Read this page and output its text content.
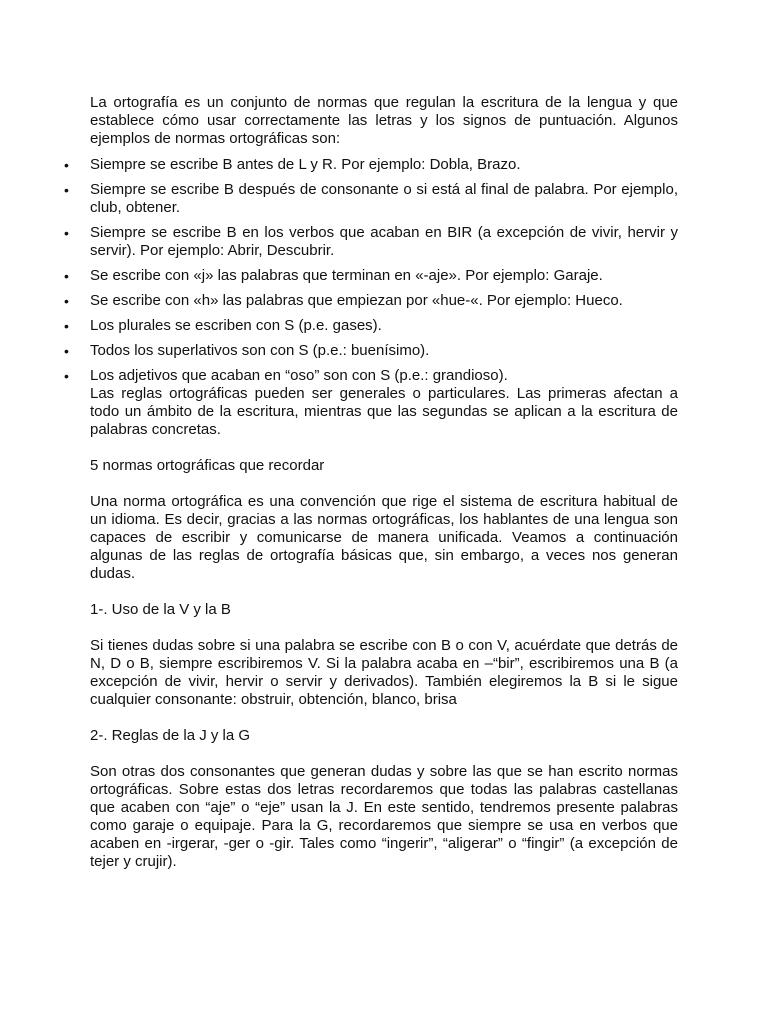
La ortografía es un conjunto de normas que regulan la escritura de la lengua y que establece cómo usar correctamente las letras y los signos de puntuación. Algunos ejemplos de normas ortográficas son:

• Siempre se escribe B antes de L y R. Por ejemplo: Dobla, Brazo.
• Siempre se escribe B después de consonante o si está al final de palabra. Por ejemplo, club, obtener.
• Siempre se escribe B en los verbos que acaban en BIR (a excepción de vivir, hervir y servir). Por ejemplo: Abrir, Descubrir.
• Se escribe con «j» las palabras que terminan en «-aje». Por ejemplo: Garaje.
• Se escribe con «h» las palabras que empiezan por «hue-«. Por ejemplo: Hueco.
• Los plurales se escriben con S (p.e. gases).
• Todos los superlativos son con S (p.e.: buenísimo).
• Los adjetivos que acaban en “oso” son con S (p.e.: grandioso).

Las reglas ortográficas pueden ser generales o particulares. Las primeras afectan a todo un ámbito de la escritura, mientras que las segundas se aplican a la escritura de palabras concretas.

5 normas ortográficas que recordar

Una norma ortográfica es una convención que rige el sistema de escritura habitual de un idioma. Es decir, gracias a las normas ortográficas, los hablantes de una lengua son capaces de escribir y comunicarse de manera unificada. Veamos a continuación algunas de las reglas de ortografía básicas que, sin embargo, a veces nos generan dudas.

1-. Uso de la V y la B

Si tienes dudas sobre si una palabra se escribe con B o con V, acuérdate que detrás de N, D o B, siempre escribiremos V. Si la palabra acaba en –“bir”, escribiremos una B (a excepción de vivir, hervir o servir y derivados). También elegiremos la B si le sigue cualquier consonante: obstruir, obtención, blanco, brisa

2-. Reglas de la J y la G

Son otras dos consonantes que generan dudas y sobre las que se han escrito normas ortográficas. Sobre estas dos letras recordaremos que todas las palabras castellanas que acaben con “aje” o “eje” usan la J. En este sentido, tendremos presente palabras como garaje o equipaje. Para la G, recordaremos que siempre se usa en verbos que acaben en -irgerar, -ger o -gir. Tales como “ingerir”, “aligerar” o “fingir” (a excepción de tejer y crujir).
